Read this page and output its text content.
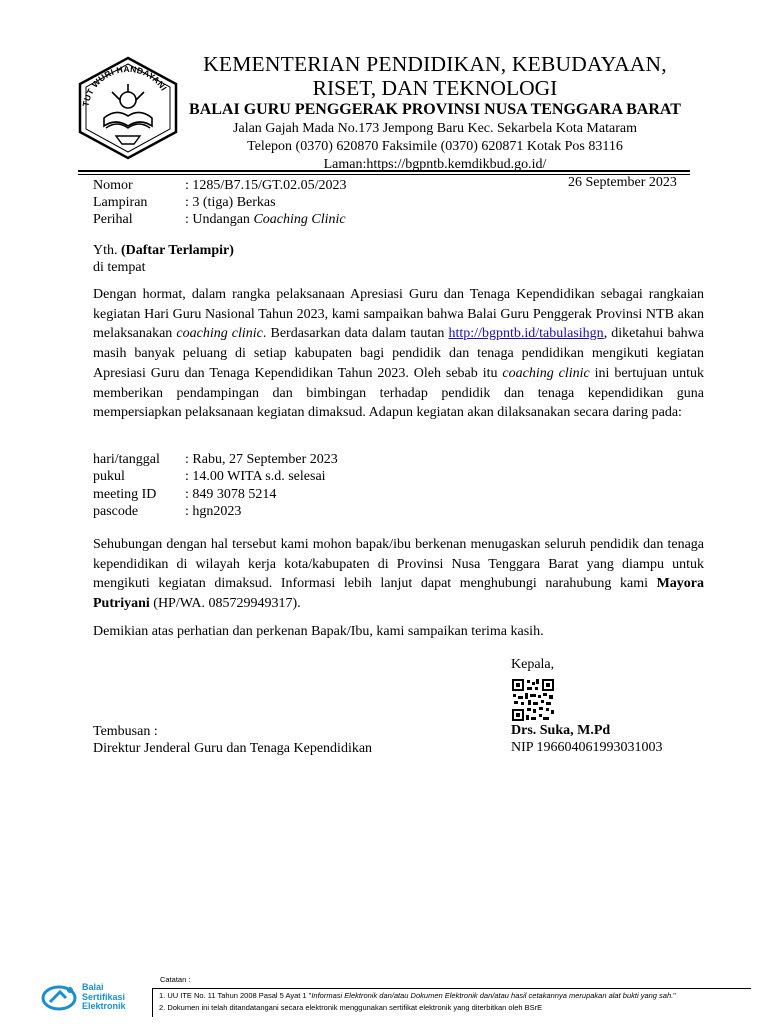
TUT WURI HANDAYANI
KEMENTERIAN PENDIDIKAN, KEBUDAYAAN,
RISET, DAN TEKNOLOGI
BALAI GURU PENGGERAK PROVINSI NUSA TENGGARA BARAT
Jalan Gajah Mada No.173 Jempong Baru Kec. Sekarbela Kota Mataram
Telepon (0370) 620870 Faksimile (0370) 620871 Kotak Pos 83116
Laman:https://bgpntb.kemdikbud.go.id/
Nomor	: 1285/B7.15/GT.02.05/2023
Lampiran	: 3 (tiga) Berkas
Perihal	: Undangan Coaching Clinic
26 September 2023
Yth. (Daftar Terlampir)
di tempat
Dengan hormat, dalam rangka pelaksanaan Apresiasi Guru dan Tenaga Kependidikan sebagai rangkaian kegiatan Hari Guru Nasional Tahun 2023, kami sampaikan bahwa Balai Guru Penggerak Provinsi NTB akan melaksanakan coaching clinic. Berdasarkan data dalam tautan http://bgpntb.id/tabulasihgn, diketahui bahwa masih banyak peluang di setiap kabupaten bagi pendidik dan tenaga pendidikan mengikuti kegiatan Apresiasi Guru dan Tenaga Kependidikan Tahun 2023. Oleh sebab itu coaching clinic ini bertujuan untuk memberikan pendampingan dan bimbingan terhadap pendidik dan tenaga kependidikan guna mempersiapkan pelaksanaan kegiatan dimaksud. Adapun kegiatan akan dilaksanakan secara daring pada:
hari/tanggal	: Rabu, 27 September 2023
pukul	: 14.00 WITA s.d. selesai
meeting ID	: 849 3078 5214
pascode	: hgn2023
Sehubungan dengan hal tersebut kami mohon bapak/ibu berkenan menugaskan seluruh pendidik dan tenaga kependidikan di wilayah kerja kota/kabupaten di Provinsi Nusa Tenggara Barat yang diampu untuk mengikuti kegiatan dimaksud. Informasi lebih lanjut dapat menghubungi narahubung kami Mayora Putriyani (HP/WA. 085729949317).
Demikian atas perhatian dan perkenan Bapak/Ibu, kami sampaikan terima kasih.
Kepala,
Drs. Suka, M.Pd
NIP 196604061993031003
Tembusan :
Direktur Jenderal Guru dan Tenaga Kependidikan
Balai
Sertifikasi
Elektronik
Catatan :
1. UU ITE No. 11 Tahun 2008 Pasal 5 Ayat 1 "Informasi Elektronik dan/atau Dokumen Elektronik dan/atau hasil cetakannya merupakan alat bukti yang sah."
2. Dokumen ini telah ditandatangani secara elektronik menggunakan sertifikat elektronik yang diterbitkan oleh BSrE
